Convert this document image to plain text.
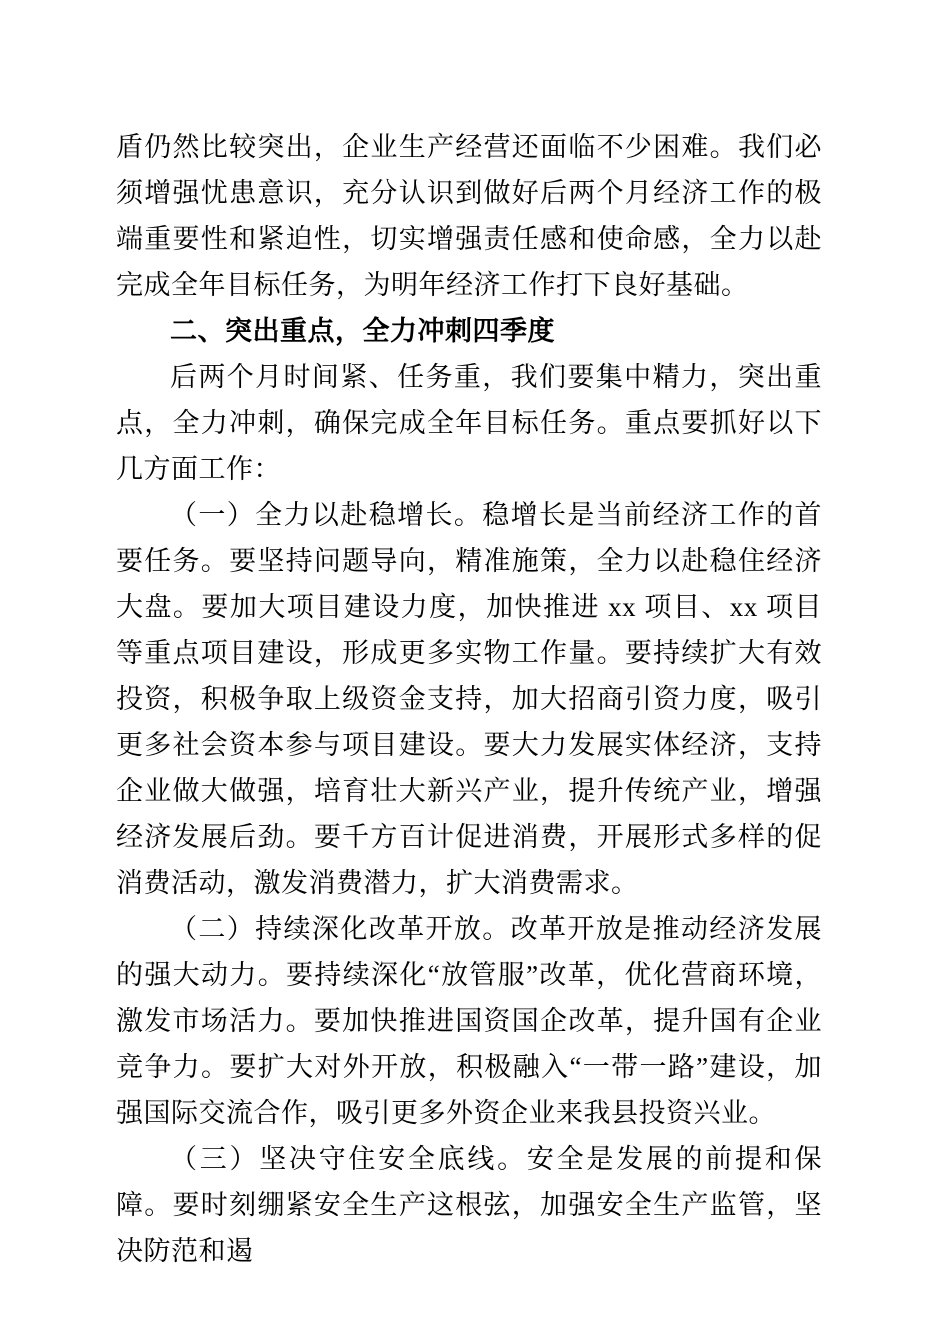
盾仍然比较突出，企业生产经营还面临不少困难。我们必须增强忧患意识，充分认识到做好后两个月经济工作的极端重要性和紧迫性，切实增强责任感和使命感，全力以赴完成全年目标任务，为明年经济工作打下良好基础。

二、突出重点，全力冲刺四季度

后两个月时间紧、任务重，我们要集中精力，突出重点，全力冲刺，确保完成全年目标任务。重点要抓好以下几方面工作：

（一）全力以赴稳增长。稳增长是当前经济工作的首要任务。要坚持问题导向，精准施策，全力以赴稳住经济大盘。要加大项目建设力度，加快推进 xx 项目、xx 项目等重点项目建设，形成更多实物工作量。要持续扩大有效投资，积极争取上级资金支持，加大招商引资力度，吸引更多社会资本参与项目建设。要大力发展实体经济，支持企业做大做强，培育壮大新兴产业，提升传统产业，增强经济发展后劲。要千方百计促进消费，开展形式多样的促消费活动，激发消费潜力，扩大消费需求。

（二）持续深化改革开放。改革开放是推动经济发展的强大动力。要持续深化“放管服”改革，优化营商环境，激发市场活力。要加快推进国资国企改革，提升国有企业竞争力。要扩大对外开放，积极融入“一带一路”建设，加强国际交流合作，吸引更多外资企业来我县投资兴业。

（三）坚决守住安全底线。安全是发展的前提和保障。要时刻绷紧安全生产这根弦，加强安全生产监管，坚决防范和遏
